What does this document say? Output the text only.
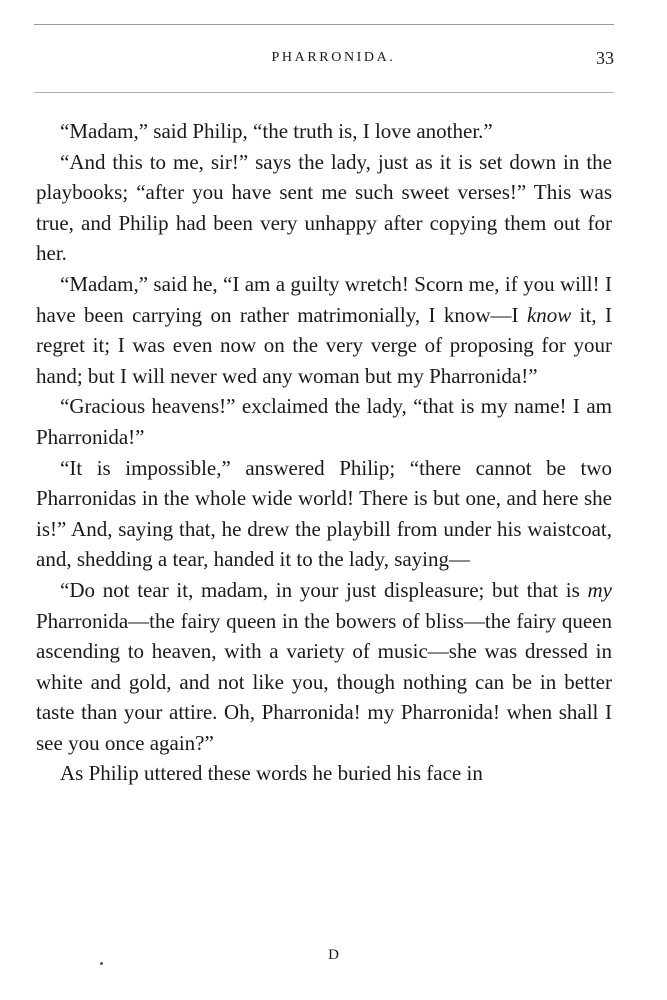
PHARRONIDA.	33

“Madam,” said Philip, “the truth is, I love another.”

“And this to me, sir!” says the lady, just as it is set down in the playbooks; “after you have sent me such sweet verses!” This was true, and Philip had been very unhappy after copying them out for her.

“Madam,” said he, “I am a guilty wretch! Scorn me, if you will! I have been carrying on rather matrimonially, I know—I know it, I regret it; I was even now on the very verge of proposing for your hand; but I will never wed any woman but my Pharronida!”

“Gracious heavens!” exclaimed the lady, “that is my name! I am Pharronida!”

“It is impossible,” answered Philip; “there cannot be two Pharronidas in the whole wide world! There is but one, and here she is!” And, saying that, he drew the playbill from under his waistcoat, and, shedding a tear, handed it to the lady, saying—

“Do not tear it, madam, in your just displeasure; but that is my Pharronida—the fairy queen in the bowers of bliss—the fairy queen ascending to heaven, with a variety of music—she was dressed in white and gold, and not like you, though nothing can be in better taste than your attire. Oh, Pharronida! my Pharronida! when shall I see you once again?”

As Philip uttered these words he buried his face in

D
